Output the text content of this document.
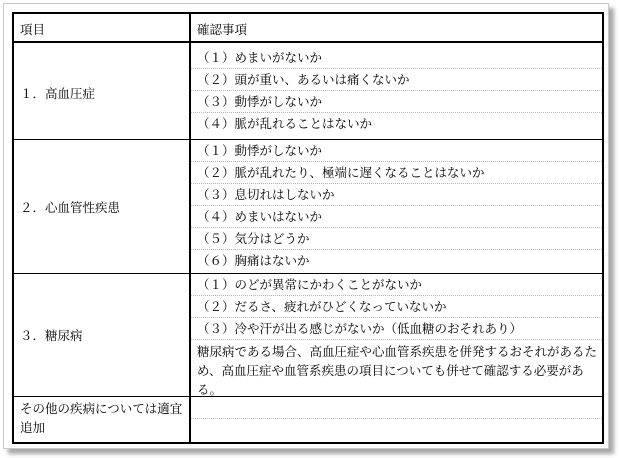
項目	確認事項
１．高血圧症
（１）めまいがないか
（２）頭が重い、あるいは痛くないか
（３）動悸がしないか
（４）脈が乱れることはないか
２．心血管性疾患
（１）動悸がしないか
（２）脈が乱れたり、極端に遅くなることはないか
（３）息切れはしないか
（４）めまいはないか
（５）気分はどうか
（６）胸痛はないか
３．糖尿病
（１）のどが異常にかわくことがないか
（２）だるさ、疲れがひどくなっていないか
（３）冷や汗が出る感じがないか（低血糖のおそれあり）
糖尿病である場合、高血圧症や心血管系疾患を併発するおそれがあるため、高血圧症や血管系疾患の項目についても併せて確認する必要がある。
その他の疾病については適宜追加
